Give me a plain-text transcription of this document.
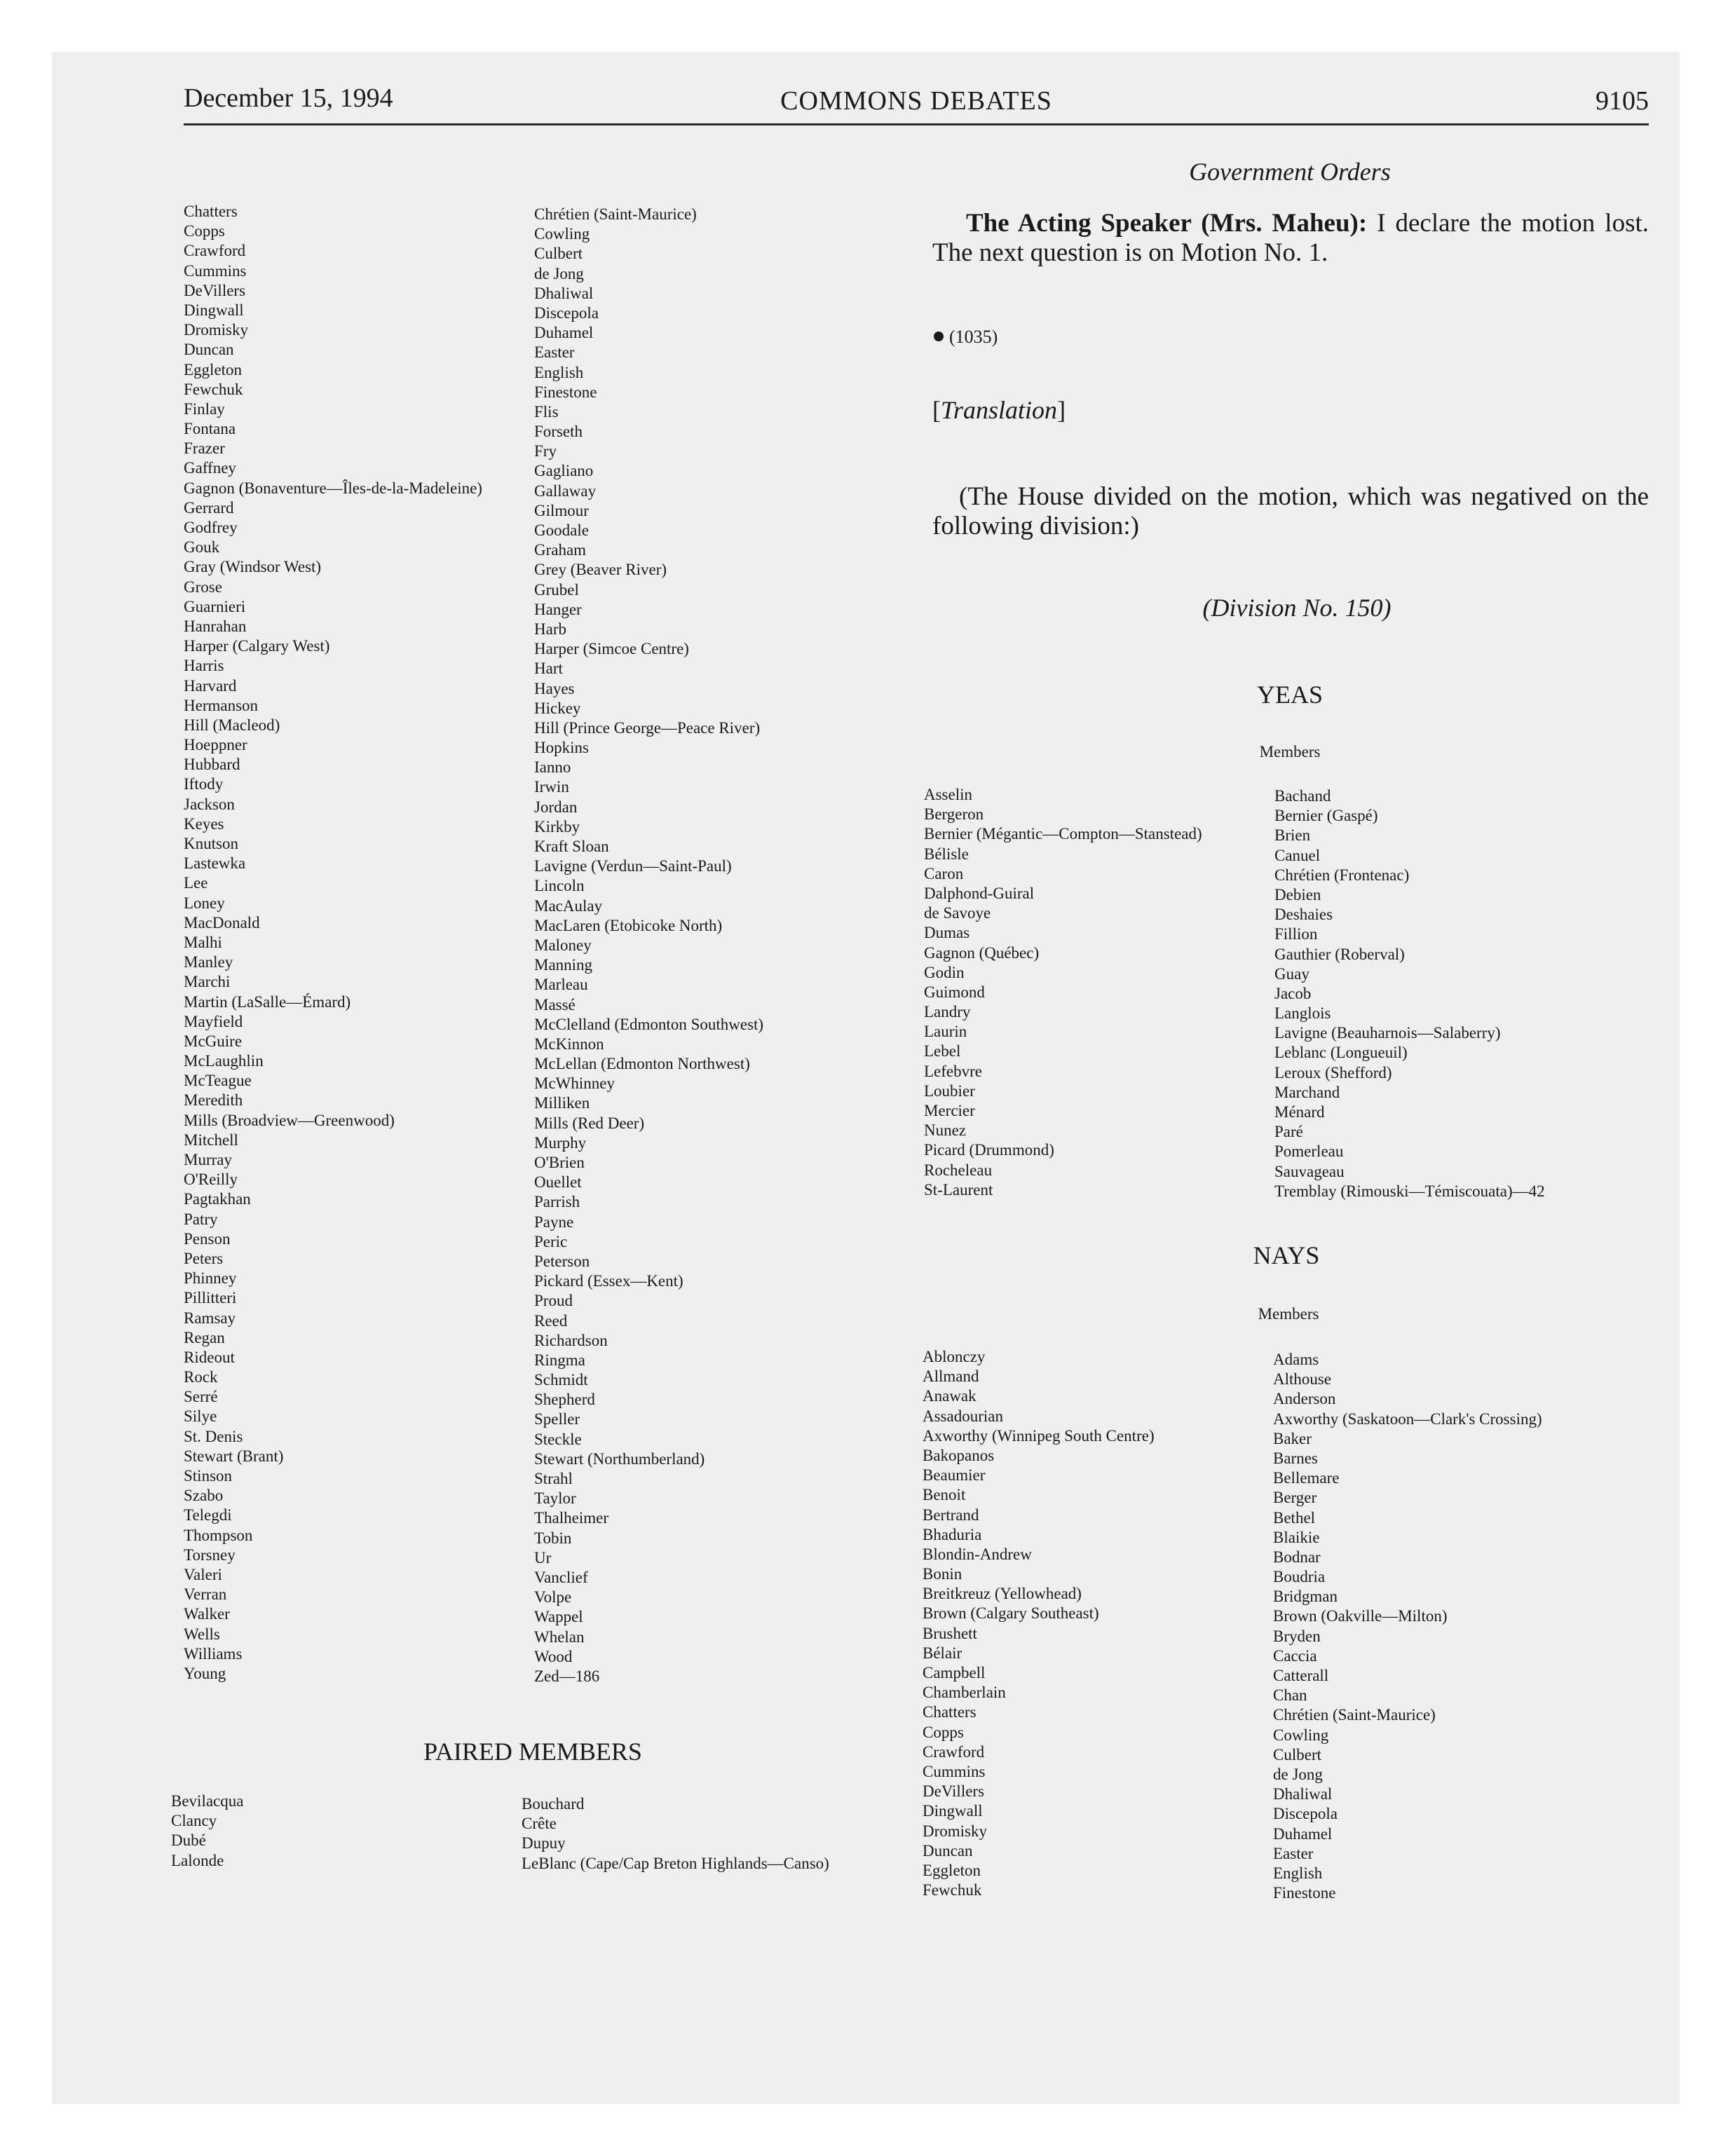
December 15, 1994	COMMONS DEBATES	9105
Chatters
Copps
Crawford
Cummins
DeVillers
Dingwall
Dromisky
Duncan
Eggleton
Fewchuk
Finlay
Fontana
Frazer
Gaffney
Gagnon (Bonaventure—Îles-de-la-Madeleine)
Gerrard
Godfrey
Gouk
Gray (Windsor West)
Grose
Guarnieri
Hanrahan
Harper (Calgary West)
Harris
Harvard
Hermanson
Hill (Macleod)
Hoeppner
Hubbard
Iftody
Jackson
Keyes
Knutson
Lastewka
Lee
Loney
MacDonald
Malhi
Manley
Marchi
Martin (LaSalle—Émard)
Mayfield
McGuire
McLaughlin
McTeague
Meredith
Mills (Broadview—Greenwood)
Mitchell
Murray
O'Reilly
Pagtakhan
Patry
Penson
Peters
Phinney
Pillitteri
Ramsay
Regan
Rideout
Rock
Serré
Silye
St. Denis
Stewart (Brant)
Stinson
Szabo
Telegdi
Thompson
Torsney
Valeri
Verran
Walker
Wells
Williams
Young
Chrétien (Saint-Maurice)
Cowling
Culbert
de Jong
Dhaliwal
Discepola
Duhamel
Easter
English
Finestone
Flis
Forseth
Fry
Gagliano
Gallaway
Gilmour
Goodale
Graham
Grey (Beaver River)
Grubel
Hanger
Harb
Harper (Simcoe Centre)
Hart
Hayes
Hickey
Hill (Prince George—Peace River)
Hopkins
Ianno
Irwin
Jordan
Kirkby
Kraft Sloan
Lavigne (Verdun—Saint-Paul)
Lincoln
MacAulay
MacLaren (Etobicoke North)
Maloney
Manning
Marleau
Massé
McClelland (Edmonton Southwest)
McKinnon
McLellan (Edmonton Northwest)
McWhinney
Milliken
Mills (Red Deer)
Murphy
O'Brien
Ouellet
Parrish
Payne
Peric
Peterson
Pickard (Essex—Kent)
Proud
Reed
Richardson
Ringma
Schmidt
Shepherd
Speller
Steckle
Stewart (Northumberland)
Strahl
Taylor
Thalheimer
Tobin
Ur
Vanclief
Volpe
Wappel
Whelan
Wood
Zed—186
PAIRED MEMBERS
Bevilacqua
Clancy
Dubé
Lalonde
Bouchard
Crête
Dupuy
LeBlanc (Cape/Cap Breton Highlands—Canso)
Government Orders
The Acting Speaker (Mrs. Maheu): I declare the motion lost. The next question is on Motion No. 1.
(1035)
[Translation]
(The House divided on the motion, which was negatived on the following division:)
(Division No. 150)
YEAS
Members
Asselin
Bergeron
Bernier (Mégantic—Compton—Stanstead)
Bélisle
Caron
Dalphond-Guiral
de Savoye
Dumas
Gagnon (Québec)
Godin
Guimond
Landry
Laurin
Lebel
Lefebvre
Loubier
Mercier
Nunez
Picard (Drummond)
Rocheleau
St-Laurent
Bachand
Bernier (Gaspé)
Brien
Canuel
Chrétien (Frontenac)
Debien
Deshaies
Fillion
Gauthier (Roberval)
Guay
Jacob
Langlois
Lavigne (Beauharnois—Salaberry)
Leblanc (Longueuil)
Leroux (Shefford)
Marchand
Ménard
Paré
Pomerleau
Sauvageau
Tremblay (Rimouski—Témiscouata)—42
NAYS
Members
Ablonczy
Allmand
Anawak
Assadourian
Axworthy (Winnipeg South Centre)
Bakopanos
Beaumier
Benoit
Bertrand
Bhaduria
Blondin-Andrew
Bonin
Breitkreuz (Yellowhead)
Brown (Calgary Southeast)
Brushett
Bélair
Campbell
Chamberlain
Chatters
Copps
Crawford
Cummins
DeVillers
Dingwall
Dromisky
Duncan
Eggleton
Fewchuk
Adams
Althouse
Anderson
Axworthy (Saskatoon—Clark's Crossing)
Baker
Barnes
Bellemare
Berger
Bethel
Blaikie
Bodnar
Boudria
Bridgman
Brown (Oakville—Milton)
Bryden
Caccia
Catterall
Chan
Chrétien (Saint-Maurice)
Cowling
Culbert
de Jong
Dhaliwal
Discepola
Duhamel
Easter
English
Finestone
